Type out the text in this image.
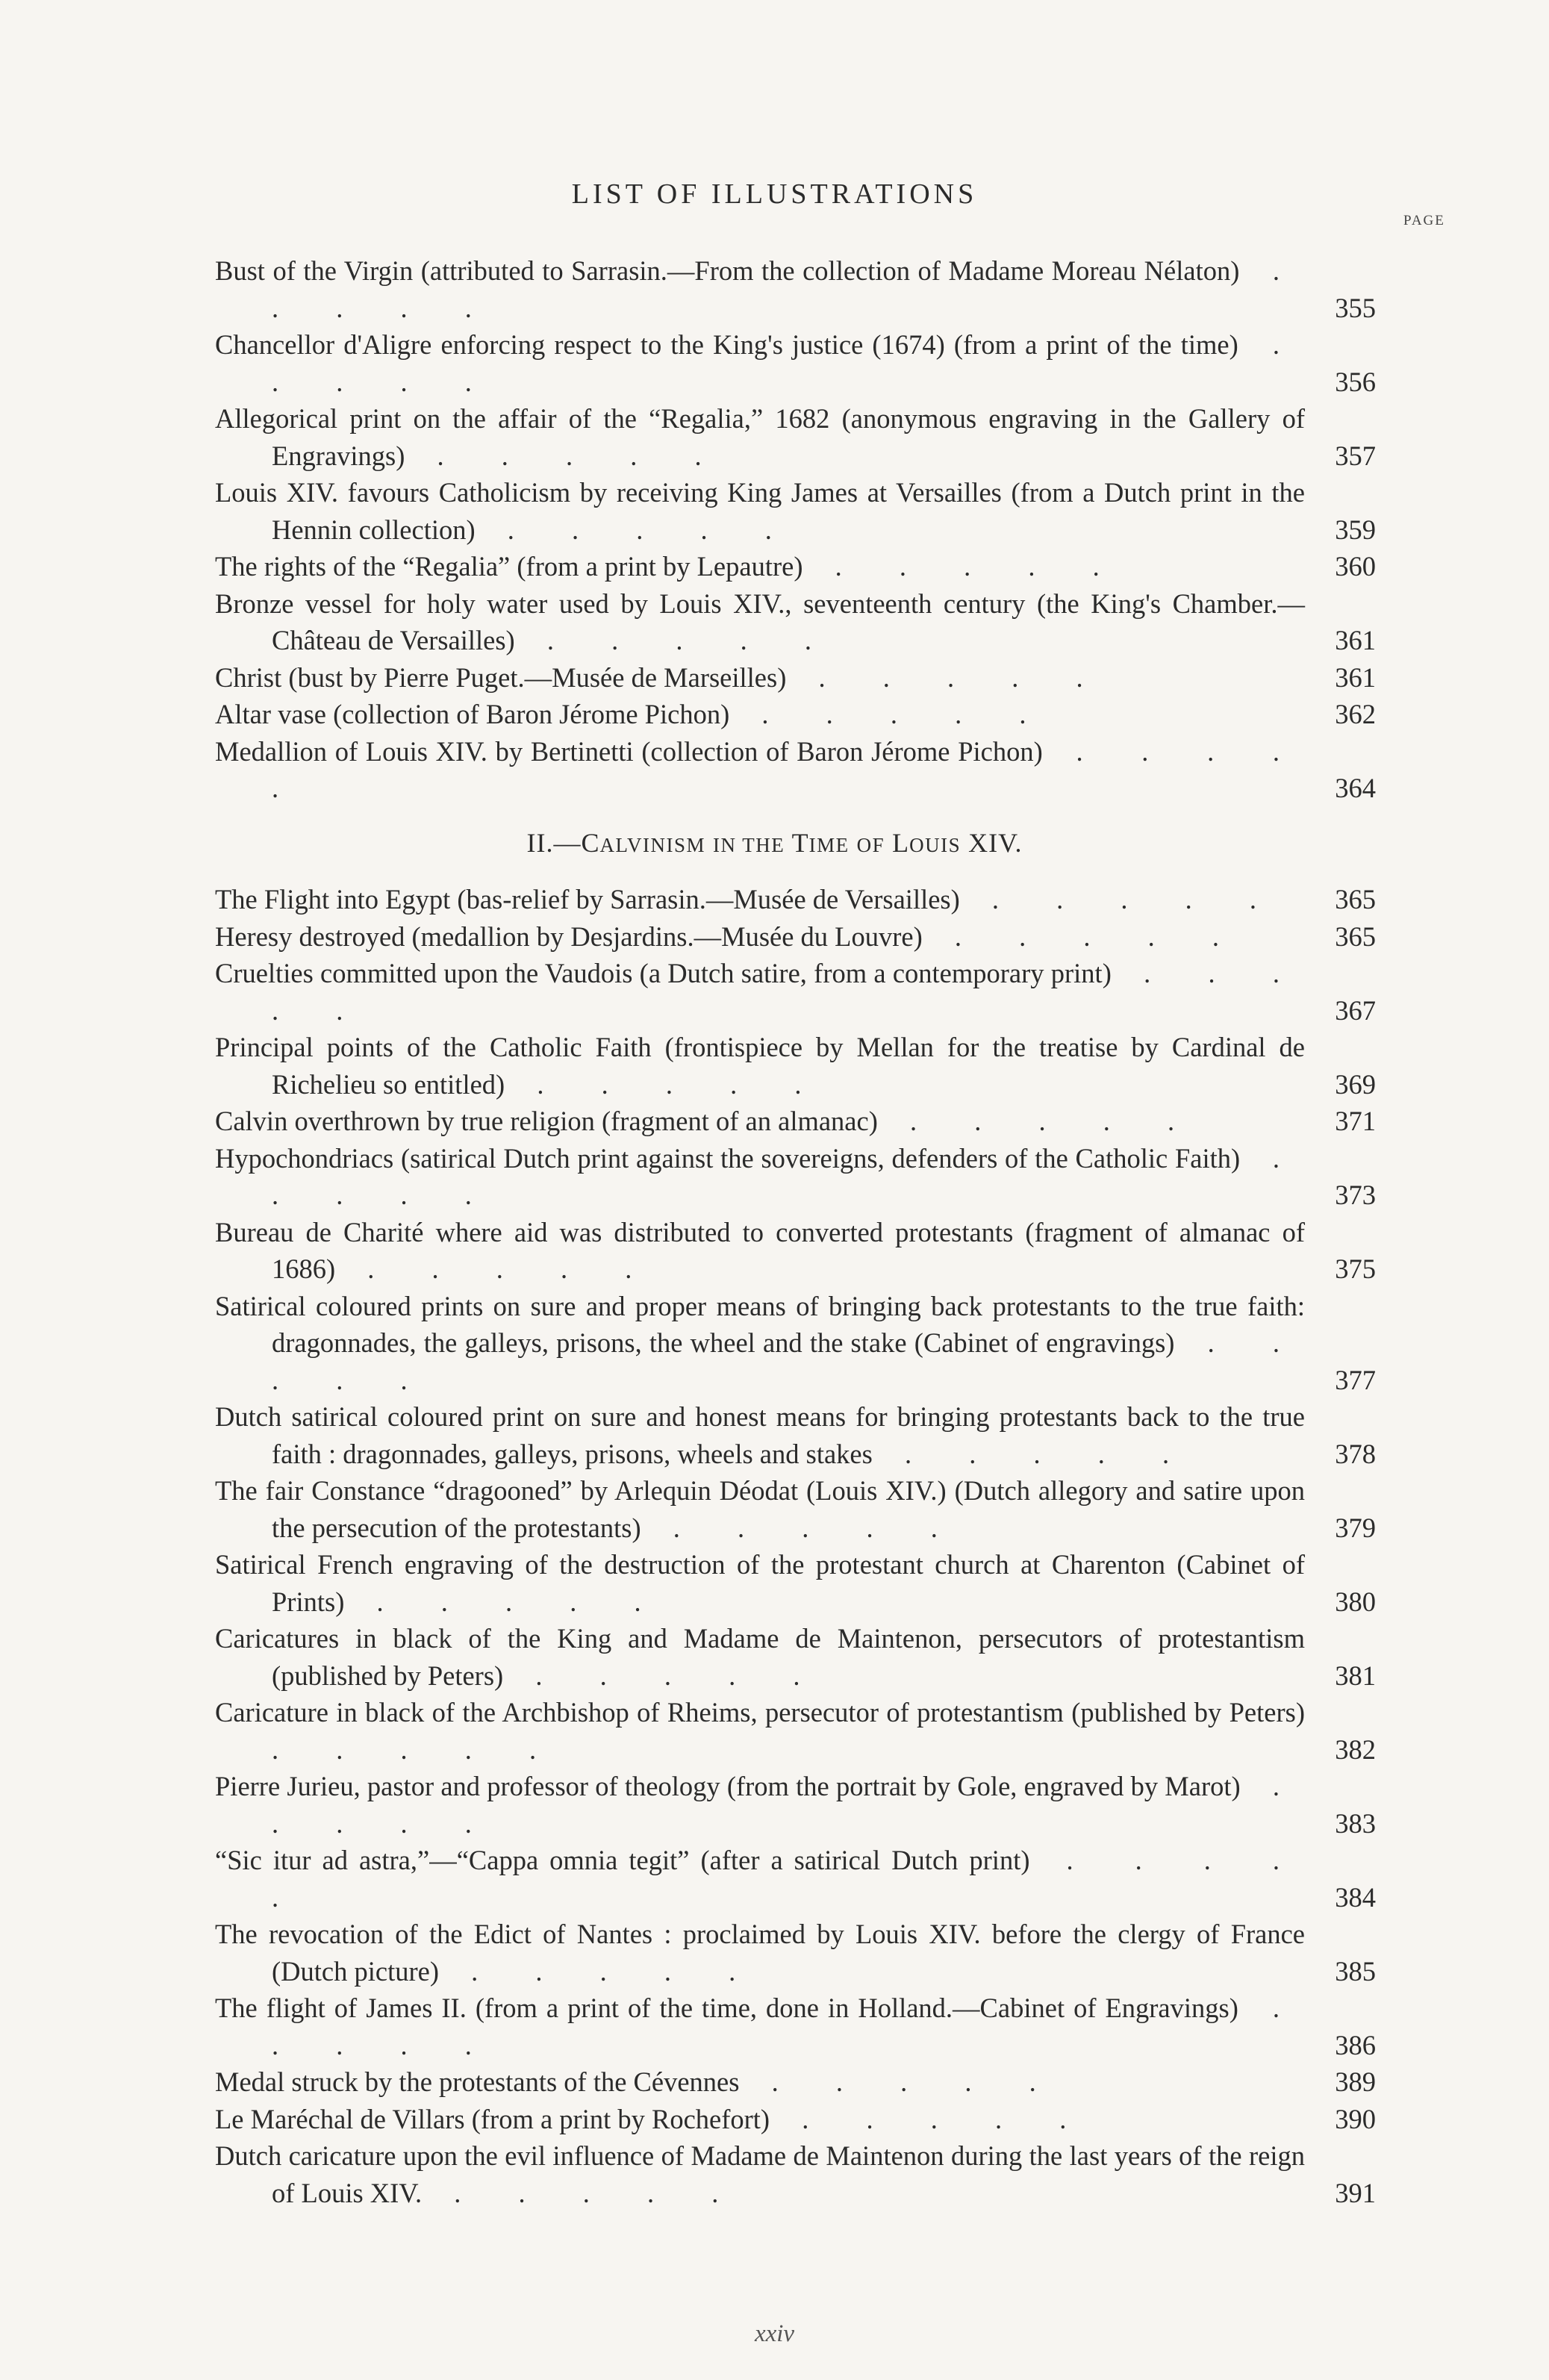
LIST OF ILLUSTRATIONS
PAGE
Bust of the Virgin (attributed to Sarrasin.—From the collection of Madame Moreau Nélaton) . . . . .	355
Chancellor d'Aligre enforcing respect to the King's justice (1674) (from a print of the time) . . . . .	356
Allegorical print on the affair of the “Regalia,” 1682 (anonymous engraving in the Gallery of Engravings) . . . . .	357
Louis XIV. favours Catholicism by receiving King James at Versailles (from a Dutch print in the Hennin collection) . . . . .	359
The rights of the “Regalia” (from a print by Lepautre) . . . . .	360
Bronze vessel for holy water used by Louis XIV., seventeenth century (the King's Chamber.—Château de Versailles) . . . . .	361
Christ (bust by Pierre Puget.—Musée de Marseilles) . . . . .	361
Altar vase (collection of Baron Jérome Pichon) . . . . .	362
Medallion of Louis XIV. by Bertinetti (collection of Baron Jérome Pichon) . . . . .	364
II.—CALVINISM IN THE TIME OF LOUIS XIV.
The Flight into Egypt (bas-relief by Sarrasin.—Musée de Versailles) . . . . .	365
Heresy destroyed (medallion by Desjardins.—Musée du Louvre) . . . . .	365
Cruelties committed upon the Vaudois (a Dutch satire, from a contemporary print) . . . . .	367
Principal points of the Catholic Faith (frontispiece by Mellan for the treatise by Cardinal de Richelieu so entitled) . . . . .	369
Calvin overthrown by true religion (fragment of an almanac) . . . . .	371
Hypochondriacs (satirical Dutch print against the sovereigns, defenders of the Catholic Faith) . . . . .	373
Bureau de Charité where aid was distributed to converted protestants (fragment of almanac of 1686) . . . . .	375
Satirical coloured prints on sure and proper means of bringing back protestants to the true faith: dragonnades, the galleys, prisons, the wheel and the stake (Cabinet of engravings) . . . . .	377
Dutch satirical coloured print on sure and honest means for bringing protestants back to the true faith : dragonnades, galleys, prisons, wheels and stakes . . . . .	378
The fair Constance “dragooned” by Arlequin Déodat (Louis XIV.) (Dutch allegory and satire upon the persecution of the protestants) . . . . .	379
Satirical French engraving of the destruction of the protestant church at Charenton (Cabinet of Prints) . . . . .	380
Caricatures in black of the King and Madame de Maintenon, persecutors of protestantism (published by Peters) . . . . .	381
Caricature in black of the Archbishop of Rheims, persecutor of protestantism (published by Peters) . . . . .	382
Pierre Jurieu, pastor and professor of theology (from the portrait by Gole, engraved by Marot) . . . . .	383
“Sic itur ad astra,”—“Cappa omnia tegit” (after a satirical Dutch print) . . . . .	384
The revocation of the Edict of Nantes : proclaimed by Louis XIV. before the clergy of France (Dutch picture) . . . . .	385
The flight of James II. (from a print of the time, done in Holland.—Cabinet of Engravings) . . . . .	386
Medal struck by the protestants of the Cévennes . . . . .	389
Le Maréchal de Villars (from a print by Rochefort) . . . . .	390
Dutch caricature upon the evil influence of Madame de Maintenon during the last years of the reign of Louis XIV. . . . . .	391
xxiv
